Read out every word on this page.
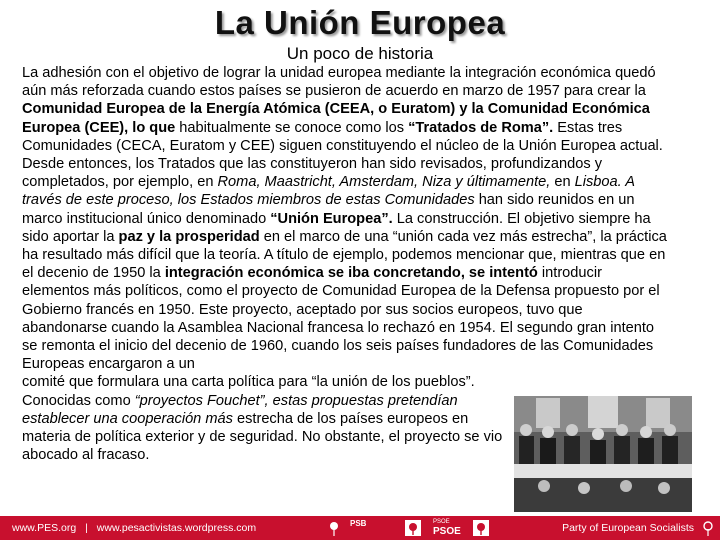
La Unión Europea
Un poco de historia

La adhesión con el objetivo de lograr la unidad europea mediante la integración económica quedó aún más reforzada cuando estos países se pusieron de acuerdo en marzo de 1957 para crear la Comunidad Europea de la Energía Atómica (CEEA, o Euratom) y la Comunidad Económica Europea (CEE), lo que habitualmente se conoce como los “Tratados de Roma”. Estas tres Comunidades (CECA, Euratom y CEE) siguen constituyendo el núcleo de la Unión Europea actual. Desde entonces, los Tratados que las constituyeron han sido revisados, profundizandos y completados, por ejemplo, en Roma, Maastricht, Amsterdam, Niza y últimamente, en Lisboa. A través de este proceso, los Estados miembros de estas Comunidades han sido reunidos en un marco institucional único denominado “Unión Europea”. La construcción. El objetivo siempre ha sido aportar la paz y la prosperidad en el marco de una “unión cada vez más estrecha”, la práctica ha resultado más difícil que la teoría. A título de ejemplo, podemos mencionar que, mientras que en el decenio de 1950 la integración económica se iba concretando, se intentó introducir elementos más políticos, como el proyecto de Comunidad Europea de la Defensa propuesto por el Gobierno francés en 1950. Este proyecto, aceptado por sus socios europeos, tuvo que abandonarse cuando la Asamblea Nacional francesa lo rechazó en 1954. El segundo gran intento se remonta el inicio del decenio de 1960, cuando los seis países fundadores de las Comunidades Europeas encargaron a un

comité que formulara una carta política para “la unión de los pueblos”.
Conocidas como “proyectos Fouchet”, estas propuestas pretendían establecer una cooperación más estrecha de los países europeos en materia de política exterior y de seguridad. No obstante, el proyecto se vio abocado al fracaso.

www.PES.org | www.pesactivistas.wordpress.com	PSB	PSOE
PSOE	Party of European Socialists
